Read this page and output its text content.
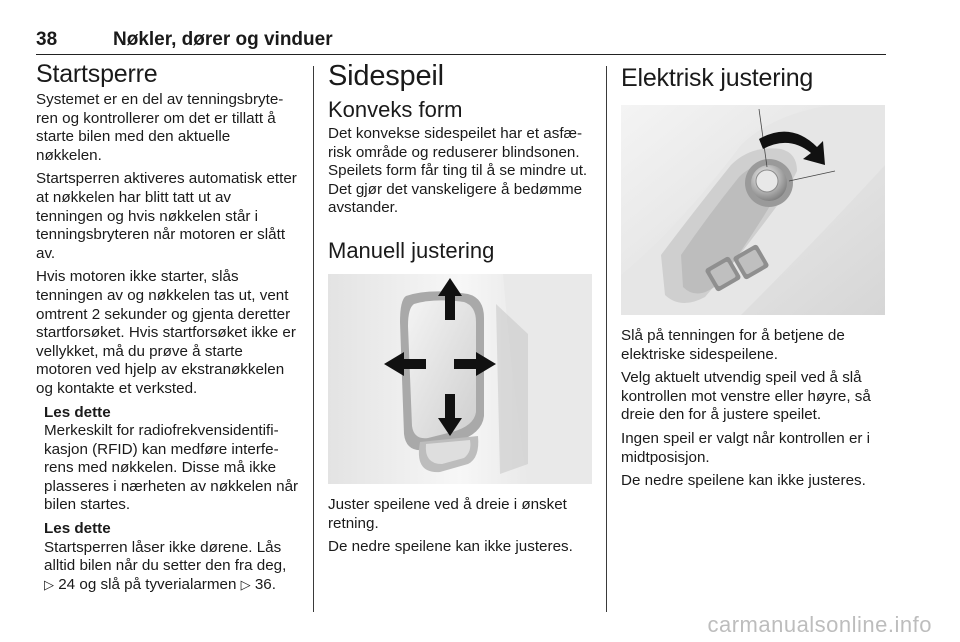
38	Nøkler, dører og vinduer
Startsperre

Systemet er en del av tenningsbryte-ren og kontrollerer om det er tillatt å starte bilen med den aktuelle nøkkelen.

Startsperren aktiveres automatisk etter at nøkkelen har blitt tatt ut av tenningen og hvis nøkkelen står i tenningsbryteren når motoren er slått av.

Hvis motoren ikke starter, slås tenningen av og nøkkelen tas ut, vent omtrent 2 sekunder og gjenta deretter startforsøket. Hvis startforsøket ikke er vellykket, må du prøve å starte motoren ved hjelp av ekstranøkkelen og kontakte et verksted.

Les dette

Merkeskilt for radiofrekvensidentifi-kasjon (RFID) kan medføre interfe-rens med nøkkelen. Disse må ikke plasseres i nærheten av nøkkelen når bilen startes.

Les dette

Startsperren låser ikke dørene. Lås alltid bilen når du setter den fra deg, ▷ 24 og slå på tyverialarmen ▷ 36.

Sidespeil
Konveks form

Det konvekse sidespeilet har et asfæ-risk område og reduserer blindsonen. Speilets form får ting til å se mindre ut. Det gjør det vanskeligere å bedømme avstander.

Manuell justering

Juster speilene ved å dreie i ønsket retning.

De nedre speilene kan ikke justeres.

Elektrisk justering

Slå på tenningen for å betjene de elektriske sidespeilene.

Velg aktuelt utvendig speil ved å slå kontrollen mot venstre eller høyre, så dreie den for å justere speilet.

Ingen speil er valgt når kontrollen er i midtposisjon.

De nedre speilene kan ikke justeres.

carmanualsonline.info
